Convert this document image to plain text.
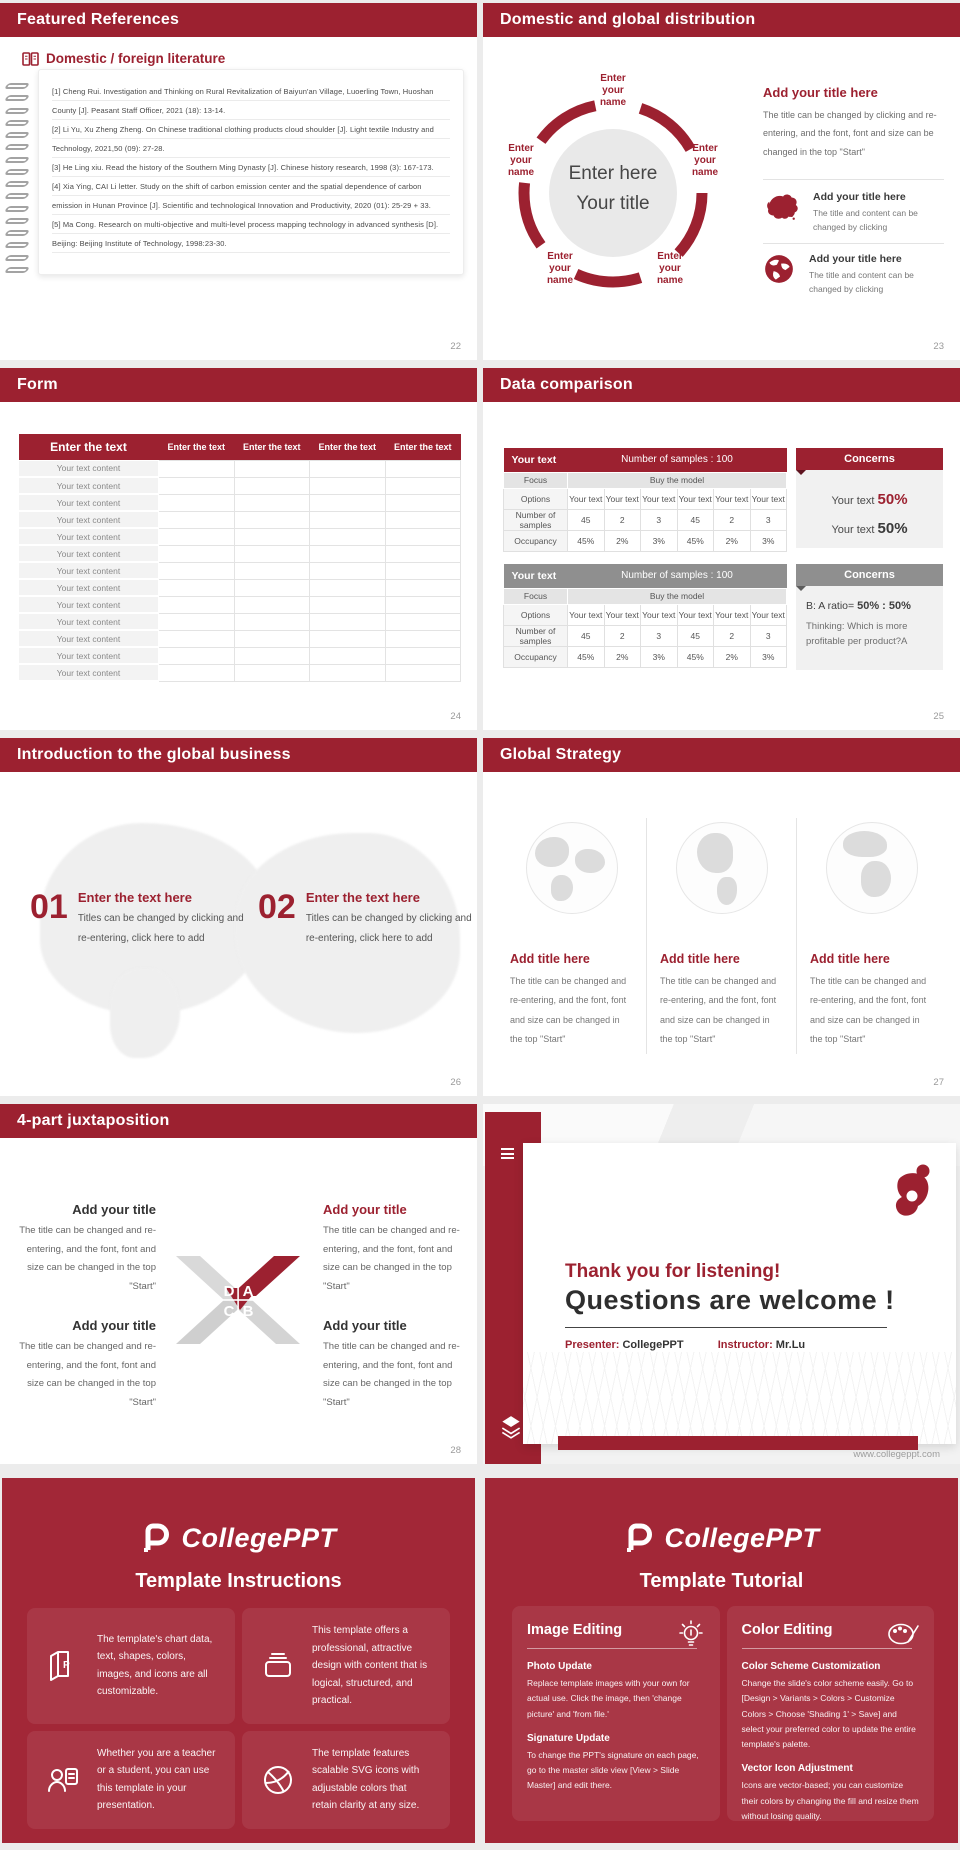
Featured References
Domestic / foreign literature

[1] Cheng Rui. Investigation and Thinking on Rural Revitalization of Baiyun'an Village, Luoerling Town, Huoshan County [J]. Peasant Staff Officer, 2021 (18): 13-14.

[2] Li Yu, Xu Zheng Zheng. On Chinese traditional clothing products cloud shoulder [J]. Light textile Industry and Technology, 2021,50 (09): 27-28.

[3] He Ling xiu. Read the history of the Southern Ming Dynasty [J]. Chinese history research, 1998 (3): 167-173.

[4] Xia Ying, CAI Li letter. Study on the shift of carbon emission center and the spatial dependence of carbon emission in Hunan Province [J]. Scientific and technological Innovation and Productivity, 2020 (01): 25-29 + 33.

[5] Ma Cong. Research on multi-objective and multi-level process mapping technology in advanced synthesis [D]. Beijing: Beijing Institute of Technology, 1998:23-30.

22
Domestic and global distribution
Enter your name
Enter your name
Enter your name
Enter your name
Enter your name
Enter here
Your title
Add your title here
The title can be changed by clicking and re-entering, and the font, font and size can be changed in the top "Start"
Add your title here
The title and content can be changed by clicking
Add your title here
The title and content can be changed by clicking
23
Form
Enter the text	Enter the text	Enter the text	Enter the text	Enter the text
Your text content				
Your text content				
Your text content				
Your text content				
Your text content				
Your text content				
Your text content				
Your text content				
Your text content				
Your text content				
Your text content				
Your text content				
Your text content				
24
Data comparison
Your text	Number of samples : 100					
Focus	Buy the model					
Options	Your text	Your text	Your text	Your text	Your text	Your text
Number of samples	45	2	3	45	2	3
Occupancy	45%	2%	3%	45%	2%	3%
Concerns
Your text 50%
Your text 50%
Your text	Number of samples : 100					
Focus	Buy the model					
Options	Your text	Your text	Your text	Your text	Your text	Your text
Number of samples	45	2	3	45	2	3
Occupancy	45%	2%	3%	45%	2%	3%
Concerns
B: A ratio= 50% : 50%
Thinking: Which is more profitable per product?A
25
Introduction to the global business
01 Enter the text here
Titles can be changed by clicking and re-entering, click here to add
02 Enter the text here
Titles can be changed by clicking and re-entering, click here to add
26
Global Strategy
Add title here
The title can be changed and re-entering, and the font, font and size can be changed in the top "Start"
Add title here
The title can be changed and re-entering, and the font, font and size can be changed in the top "Start"
Add title here
The title can be changed and re-entering, and the font, font and size can be changed in the top "Start"
27
4-part juxtaposition
Add your title
The title can be changed and re-entering, and the font, font and size can be changed in the top "Start"
Add your title
The title can be changed and re-entering, and the font, font and size can be changed in the top "Start"
Add your title
The title can be changed and re-entering, and the font, font and size can be changed in the top "Start"
Add your title
The title can be changed and re-entering, and the font, font and size can be changed in the top "Start"
D A
C B
28
Thank you for listening!
Questions are welcome !
Presenter: CollegePPT	Instructor: Mr.Lu
www.collegeppt.com
CollegePPT
Template Instructions
P

The template's chart data, text, shapes, colors, images, and icons are all customizable.

This template offers a professional, attractive design with content that is logical, structured, and practical.

Whether you are a teacher or a student, you can use this template in your presentation.

The template features scalable SVG icons with adjustable colors that retain clarity at any size.

CollegePPT
Template Tutorial
Image Editing
Photo Update
Replace template images with your own for actual use. Click the image, then 'change picture' and 'from file.'
Signature Update
To change the PPT's signature on each page, go to the master slide view [View > Slide Master] and edit there.
Color Editing
Color Scheme Customization
Change the slide's color scheme easily. Go to [Design > Variants > Colors > Customize Colors > Choose 'Shading 1' > Save] and select your preferred color to update the entire template's palette.
Vector Icon Adjustment
Icons are vector-based; you can customize their colors by changing the fill and resize them without losing quality.
